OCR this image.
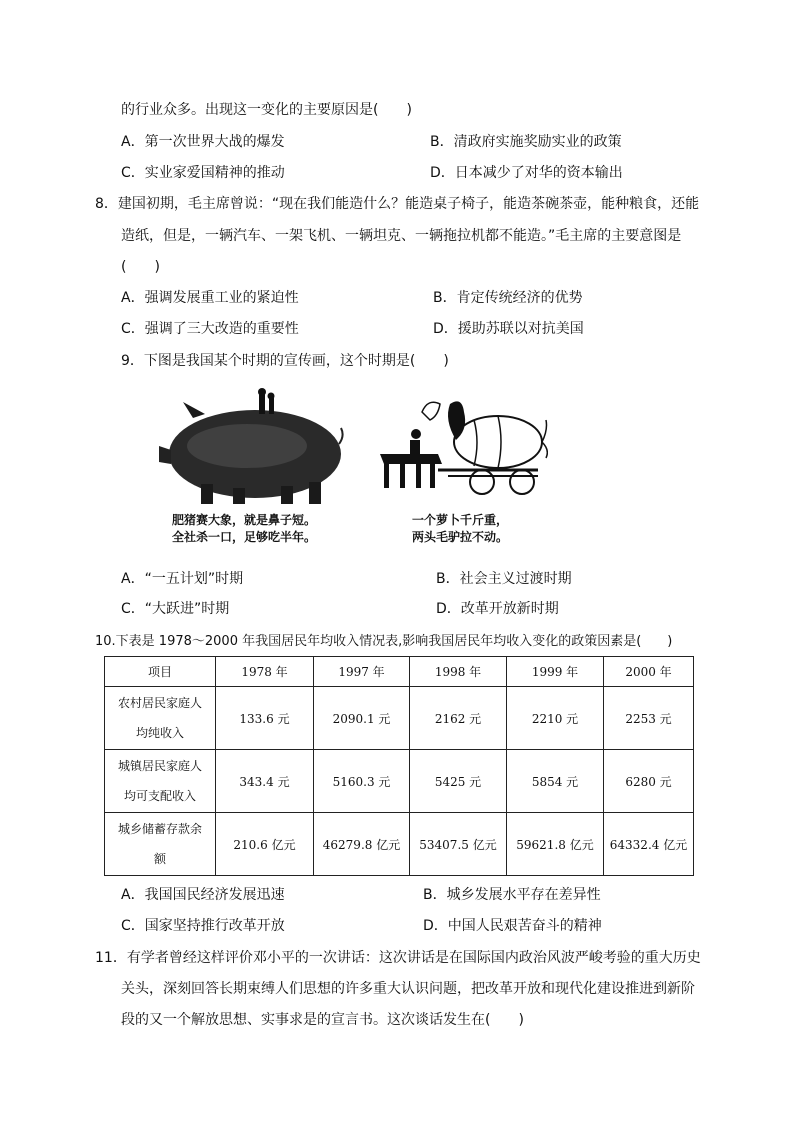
的行业众多。出现这一变化的主要原因是(　　)
A．第一次世界大战的爆发	B．清政府实施奖励实业的政策
C．实业家爱国精神的推动	D．日本减少了对华的资本输出
8．建国初期，毛主席曾说：“现在我们能造什么？能造桌子椅子，能造茶碗茶壶，能种粮食，还能
造纸，但是，一辆汽车、一架飞机、一辆坦克、一辆拖拉机都不能造。”毛主席的主要意图是
(　　)
A．强调发展重工业的紧迫性	B．肯定传统经济的优势
C．强调了三大改造的重要性	D．援助苏联以对抗美国
9．下图是我国某个时期的宣传画，这个时期是(　　)
肥猪赛大象，就是鼻子短。
全社杀一口，足够吃半年。
一个萝卜千斤重，
两头毛驴拉不动。
A．“一五计划”时期	B．社会主义过渡时期
C．“大跃进”时期	D．改革开放新时期
10.下表是 1978～2000 年我国居民年均收入情况表,影响我国居民年均收入变化的政策因素是(　　)
项目	1978 年	1997 年	1998 年	1999 年	2000 年

农村居民家庭人
均纯收入	133.6 元	2090.1 元	2162 元	2210 元	2253 元

城镇居民家庭人
均可支配收入	343.4 元	5160.3 元	5425 元	5854 元	6280 元

城乡储蓄存款余
额	210.6 亿元	46279.8 亿元	53407.5 亿元	59621.8 亿元	64332.4 亿元
A．我国国民经济发展迅速	B．城乡发展水平存在差异性
C．国家坚持推行改革开放	D．中国人民艰苦奋斗的精神
11．有学者曾经这样评价邓小平的一次讲话：这次讲话是在国际国内政治风波严峻考验的重大历史
关头，深刻回答长期束缚人们思想的许多重大认识问题，把改革开放和现代化建设推进到新阶
段的又一个解放思想、实事求是的宣言书。这次谈话发生在(　　)
